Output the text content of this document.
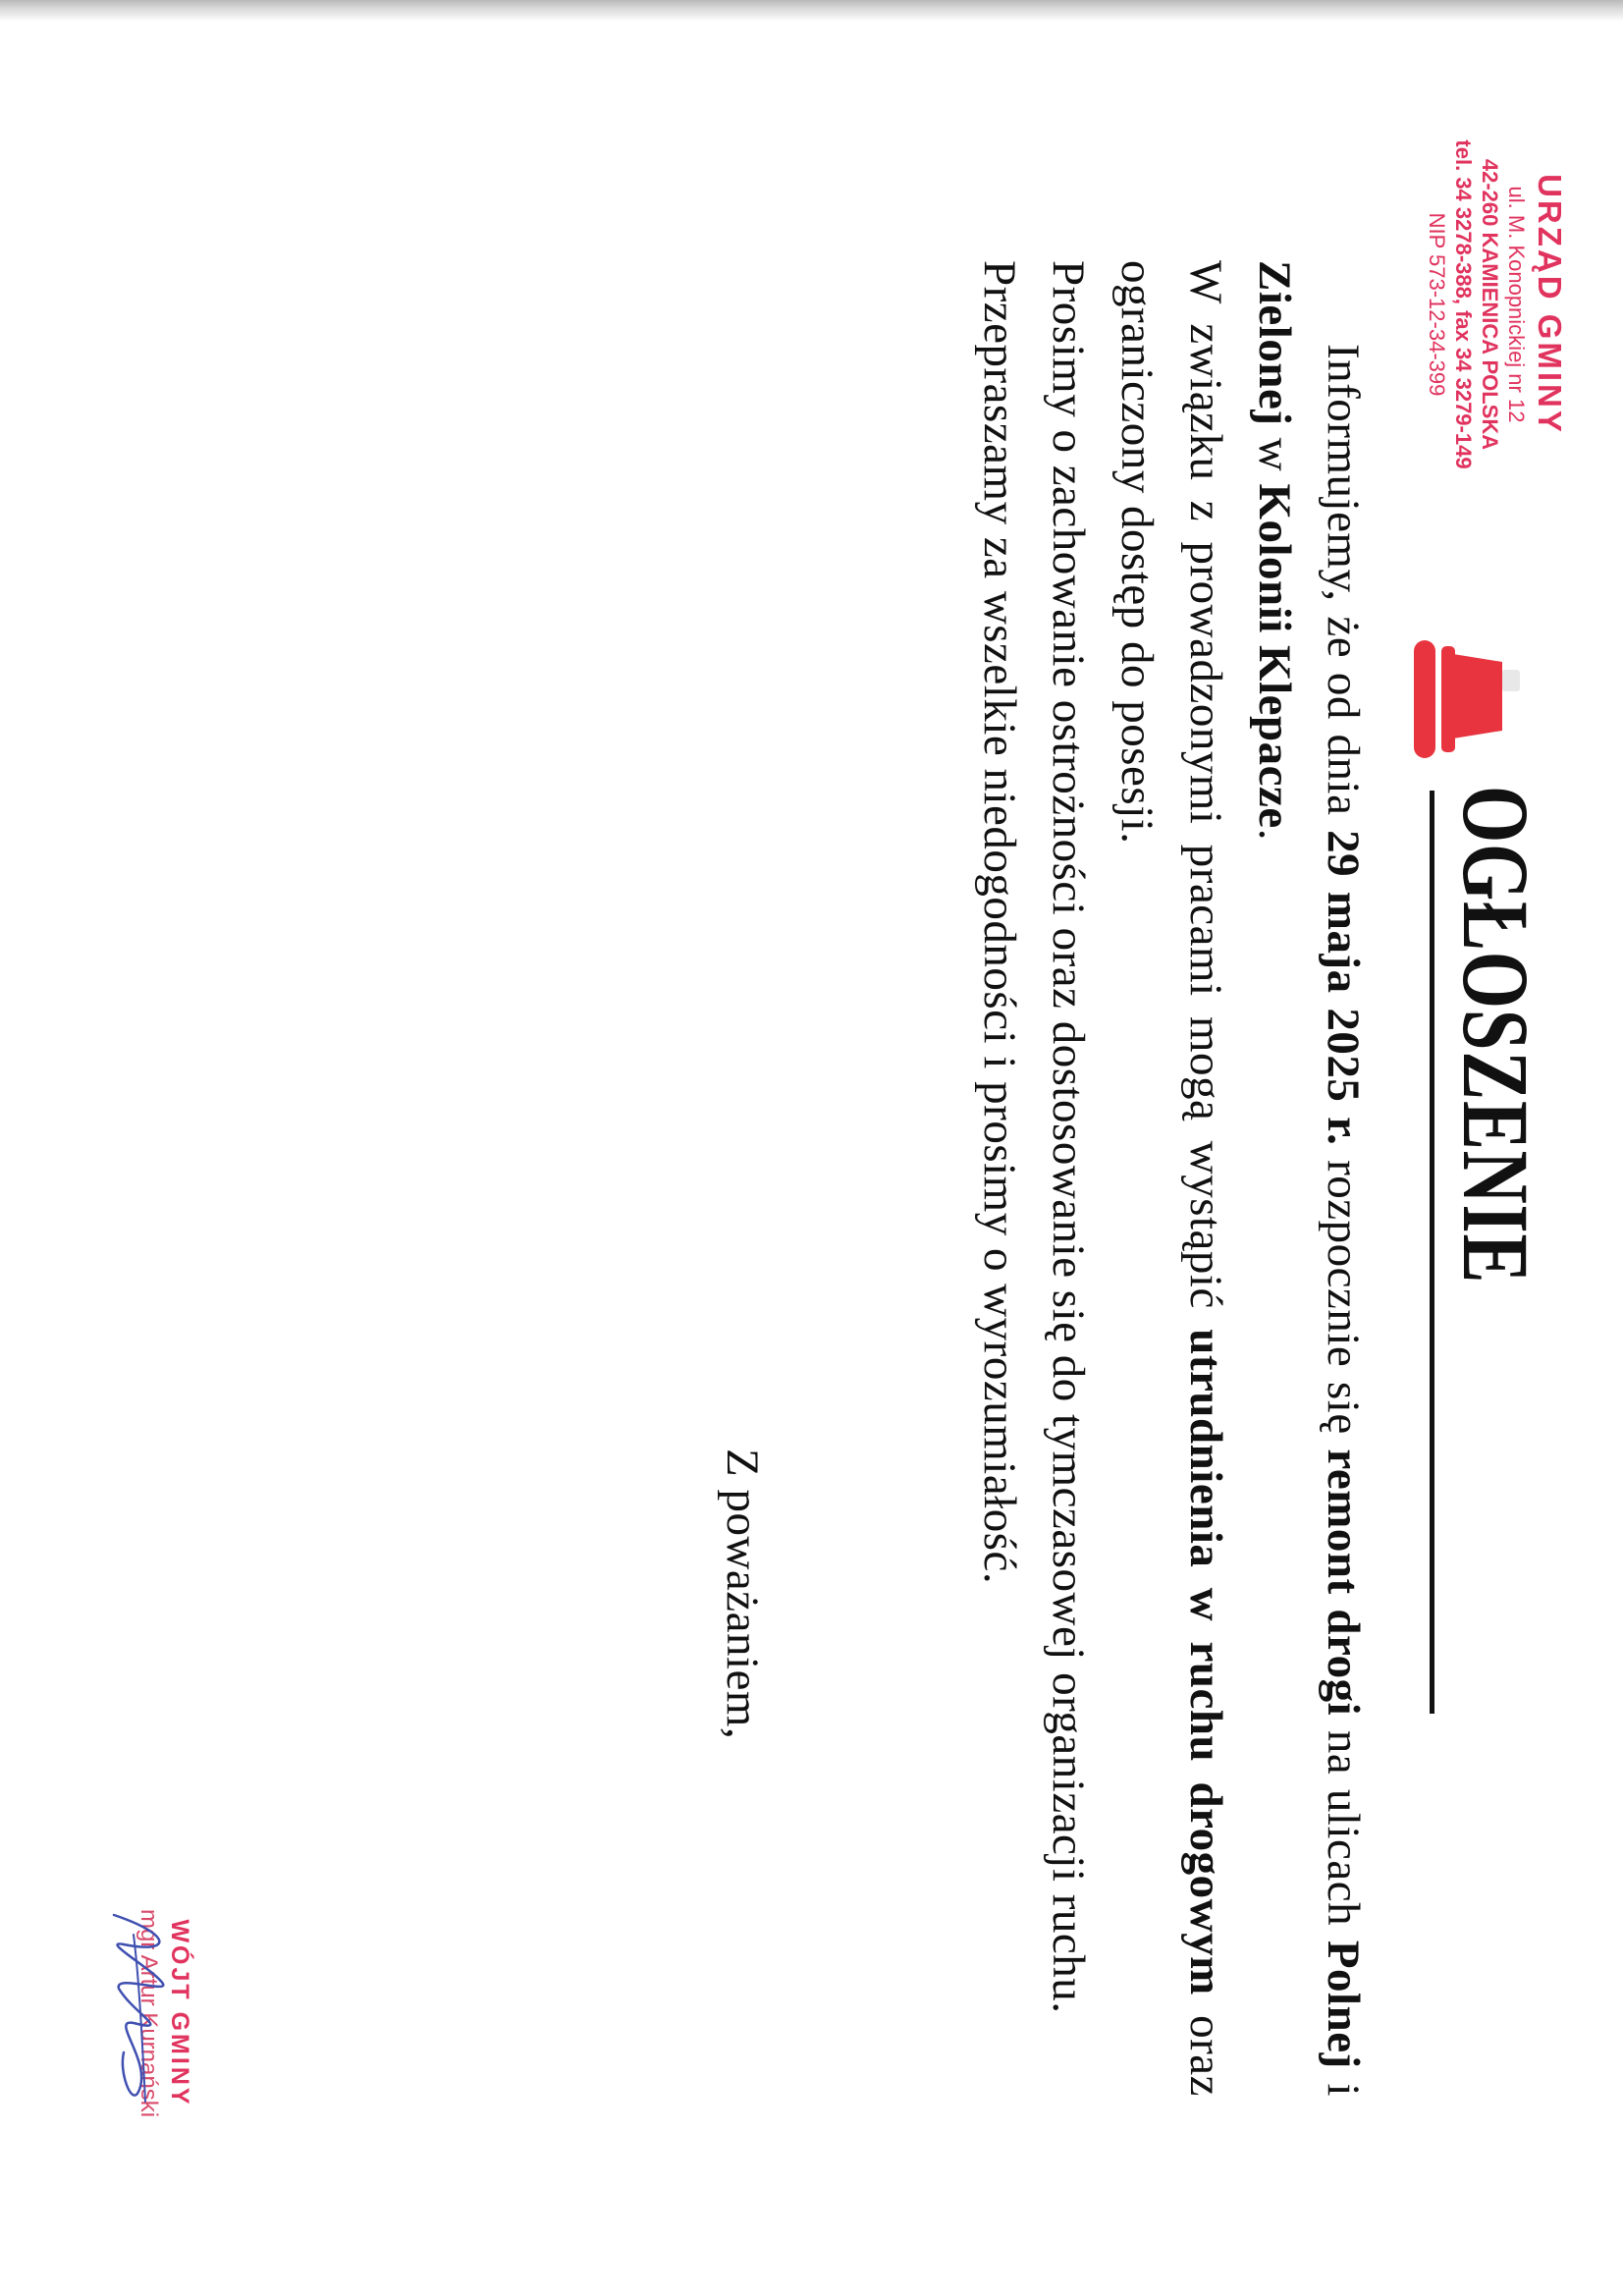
URZĄD GMINY
ul. M. Konopnickiej nr 12
42-260 KAMIENICA POLSKA
tel. 34 3278-388, fax 34 3279-149
NIP 573-12-34-399
OGŁOSZENIE

Informujemy, że od dnia 29 maja 2025 r. rozpocznie się remont drogi na ulicach Polnej i Zielonej w Kolonii Klepacze.

W związku z prowadzonymi pracami mogą wystąpić utrudnienia w ruchu drogowym oraz ograniczony dostęp do posesji.

Prosimy o zachowanie ostrożności oraz dostosowanie się do tymczasowej organizacji ruchu.

Przepraszamy za wszelkie niedogodności i prosimy o wyrozumiałość.

Z poważaniem,
WÓJT GMINY
mgr Artur Kurnański
